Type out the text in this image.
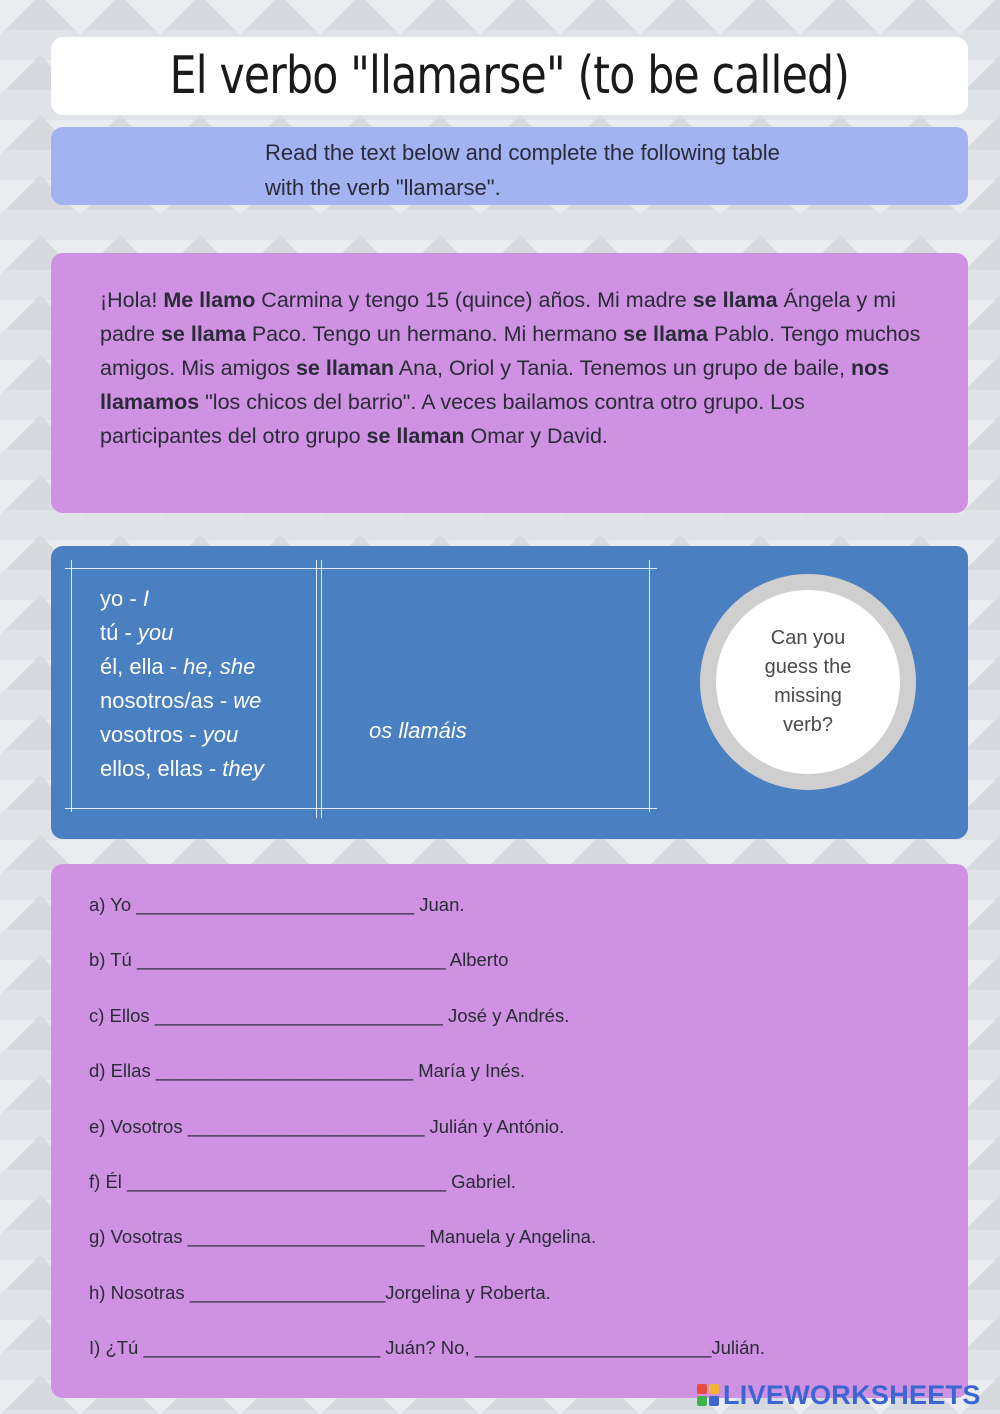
El verbo "llamarse" (to be called)

Read the text below and complete the following table with the verb "llamarse".

¡Hola! Me llamo Carmina y tengo 15 (quince) años. Mi madre se llama Ángela y mi padre se llama Paco. Tengo un hermano. Mi hermano se llama Pablo. Tengo muchos amigos. Mis amigos se llaman Ana, Oriol y Tania. Tenemos un grupo de baile, nos llamamos "los chicos del barrio". A veces bailamos contra otro grupo. Los participantes del otro grupo se llaman Omar y David.

yo - I
tú - you
él, ella - he, she
nosotros/as - we
vosotros - you
ellos, ellas - they
os llamáis

Can you guess the missing verb?

a) Yo ___________________________ Juan.
b) Tú ______________________________ Alberto
c) Ellos ____________________________ José y Andrés.
d) Ellas _________________________ María y Inés.
e) Vosotros _______________________ Julián y António.
f) Él _______________________________ Gabriel.
g) Vosotras _______________________ Manuela y Angelina.
h) Nosotras ___________________Jorgelina y Roberta.
I) ¿Tú _______________________ Juán? No, _______________________Julián.
LIVEWORKSHEETS
